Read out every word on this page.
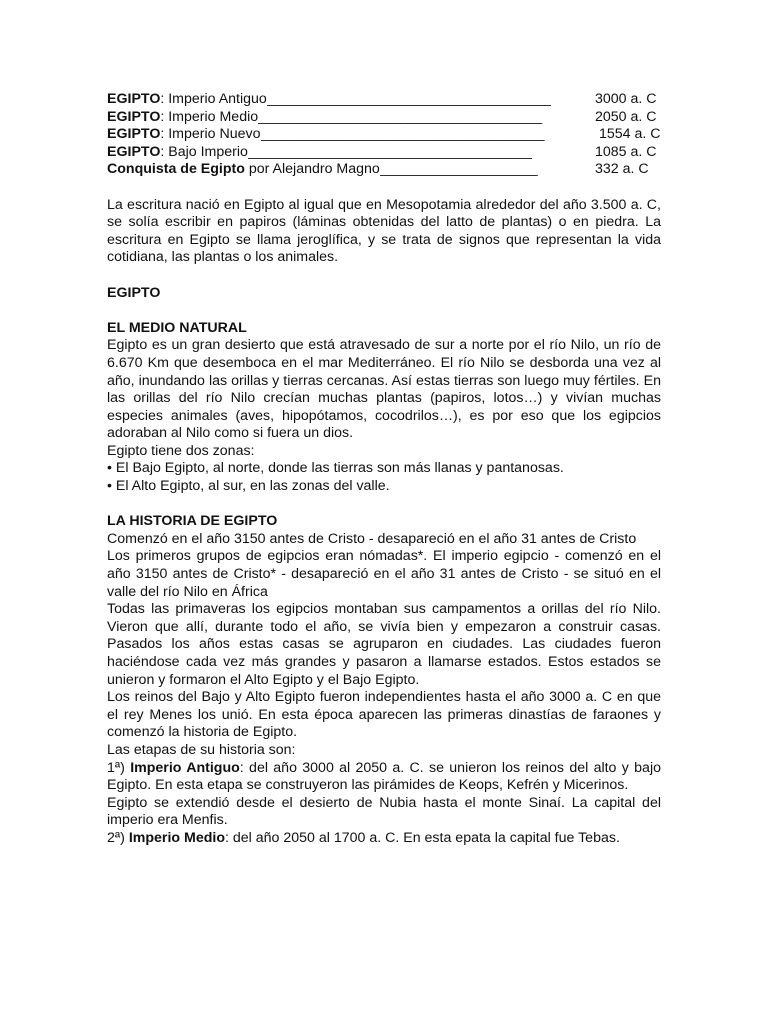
EGIPTO: Imperio Antiguo ____________________________________	3000 a. C
EGIPTO: Imperio Medio ____________________________________	2050 a. C
EGIPTO: Imperio Nuevo ____________________________________	1554 a. C
EGIPTO: Bajo Imperio ____________________________________	1085 a. C
Conquista de Egipto por Alejandro Magno ____________________	332 a. C

La escritura nació en Egipto al igual que en Mesopotamia alrededor del año 3.500 a. C, se solía escribir en papiros (láminas obtenidas del latto de plantas) o en piedra. La escritura en Egipto se llama jeroglífica, y se trata de signos que representan la vida cotidiana, las plantas o los animales.

EGIPTO
EL MEDIO NATURAL

Egipto es un gran desierto que está atravesado de sur a norte por el río Nilo, un río de 6.670 Km que desemboca en el mar Mediterráneo. El río Nilo se desborda una vez al año, inundando las orillas y tierras cercanas. Así estas tierras son luego muy fértiles. En las orillas del río Nilo crecían muchas plantas (papiros, lotos…) y vivían muchas especies animales (aves, hipopótamos, cocodrilos…), es por eso que los egipcios adoraban al Nilo como si fuera un dios.

Egipto tiene dos zonas:
• El Bajo Egipto, al norte, donde las tierras son más llanas y pantanosas.
• El Alto Egipto, al sur, en las zonas del valle.
LA HISTORIA DE EGIPTO

Comenzó en el año 3150 antes de Cristo - desapareció en el año 31 antes de Cristo

Los primeros grupos de egipcios eran nómadas*. El imperio egipcio - comenzó en el año 3150 antes de Cristo* - desapareció en el año 31 antes de Cristo - se situó en el valle del río Nilo en África

Todas las primaveras los egipcios montaban sus campamentos a orillas del río Nilo. Vieron que allí, durante todo el año, se vivía bien y empezaron a construir casas. Pasados los años estas casas se agruparon en ciudades. Las ciudades fueron haciéndose cada vez más grandes y pasaron a llamarse estados. Estos estados se unieron y formaron el Alto Egipto y el Bajo Egipto.

Los reinos del Bajo y Alto Egipto fueron independientes hasta el año 3000 a. C en que el rey Menes los unió. En esta época aparecen las primeras dinastías de faraones y comenzó la historia de Egipto.

Las etapas de su historia son:

1ª) Imperio Antiguo: del año 3000 al 2050 a. C. se unieron los reinos del alto y bajo Egipto. En esta etapa se construyeron las pirámides de Keops, Kefrén y Micerinos.

Egipto se extendió desde el desierto de Nubia hasta el monte Sinaí. La capital del imperio era Menfis.

2ª) Imperio Medio: del año 2050 al 1700 a. C. En esta epata la capital fue Tebas.
